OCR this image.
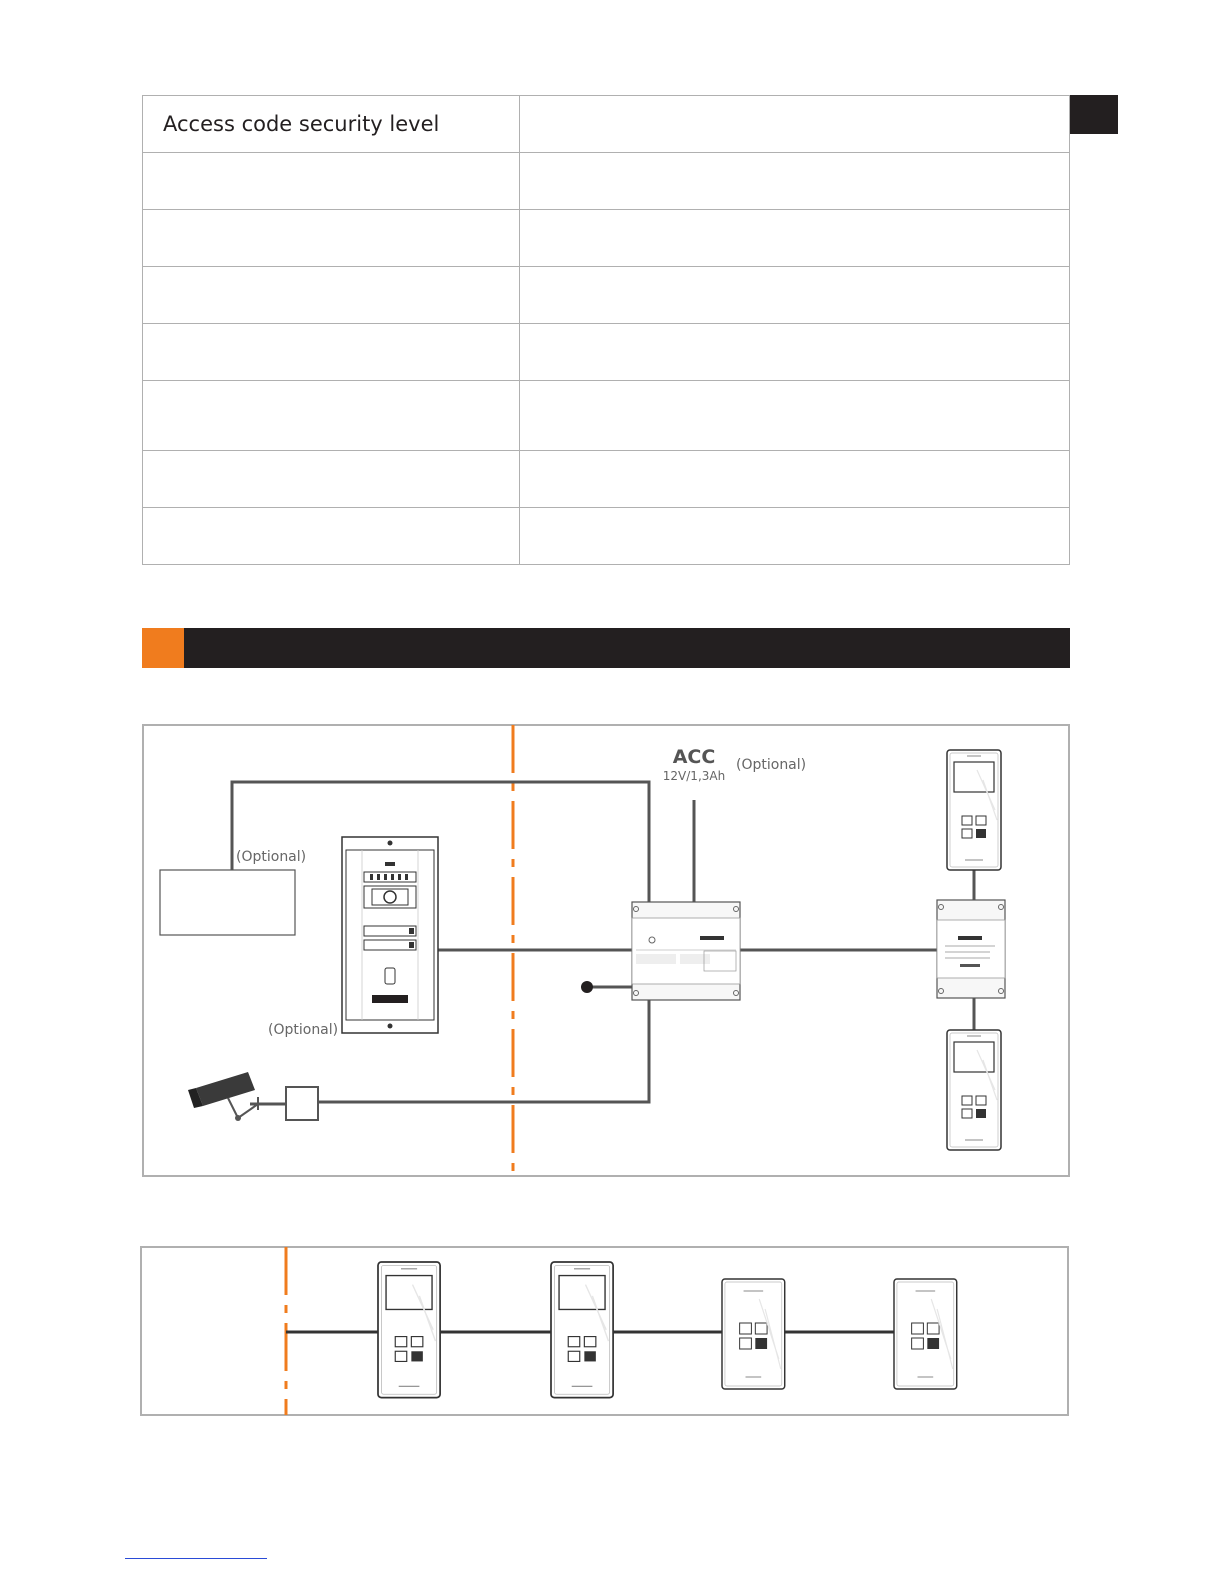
Access code security level	

ACC
12V/1,3Ah
(Optional)
(Optional)
(Optional)
